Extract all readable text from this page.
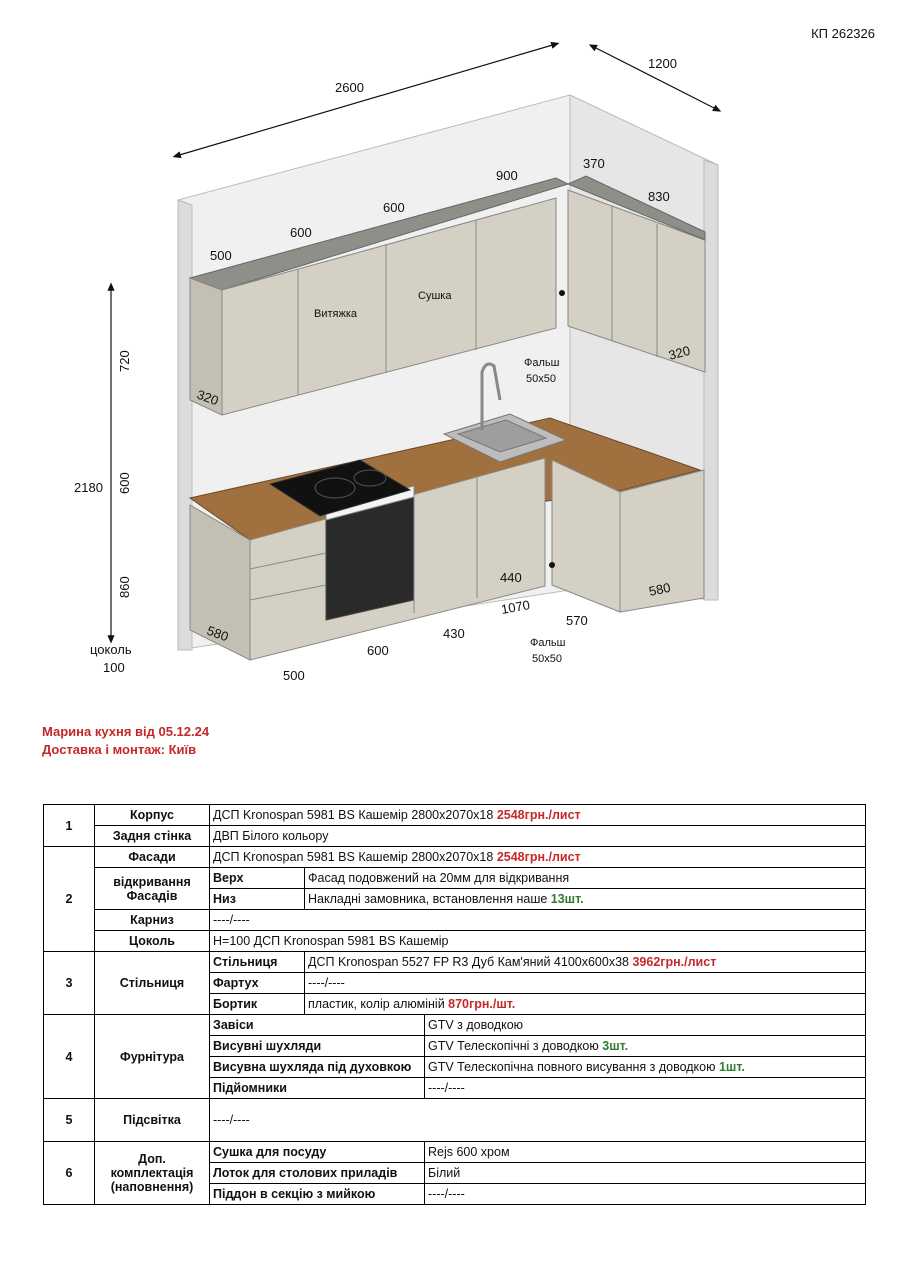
КП 262326
2600
1200
900
600
600
500
370
830
320
320
720
600
2180
860
цоколь
100
580
580
500
600
430
440
1070
570
Витяжка
Сушка
Фальш
50х50
Фальш
50х50
Марина кухня від 05.12.24
Доставка і монтаж: Київ
1	Корпус	ДСП Kronospan 5981 BS Кашемір 2800х2070х18 2548грн./лист		
	Задня стінка	ДВП Білого кольору		
2	Фасади	ДСП Kronospan 5981 BS Кашемір 2800х2070х18 2548грн./лист		
	відкривання Фасадів	Верх	Фасад подовжений на 20мм для відкривання	
		Низ	Накладні замовника, встановлення наше 13шт.	
	Карниз	----/----		
	Цоколь	Н=100 ДСП Kronospan 5981 BS Кашемір		
3	Стільниця	Стільниця	ДСП Kronospan 5527 FP R3 Дуб Кам'яний 4100х600х38 3962грн./лист	
		Фартух	----/----	
		Бортик	пластик, колір алюміній 870грн./шт.	
4	Фурнітура	Завіси		GTV з доводкою
		Висувні шухляди		GTV Телескопічні з доводкою 3шт.
		Висувна шухляда під духовкою		GTV Телескопічна повного висування з доводкою 1шт.
		Підйомники		----/----
5	Підсвітка	----/----		
6	Доп. комплектація (наповнення)	Сушка для посуду		Rejs 600 хром
		Лоток для столових приладів		Білий
		Піддон в секцію з мийкою		----/----
